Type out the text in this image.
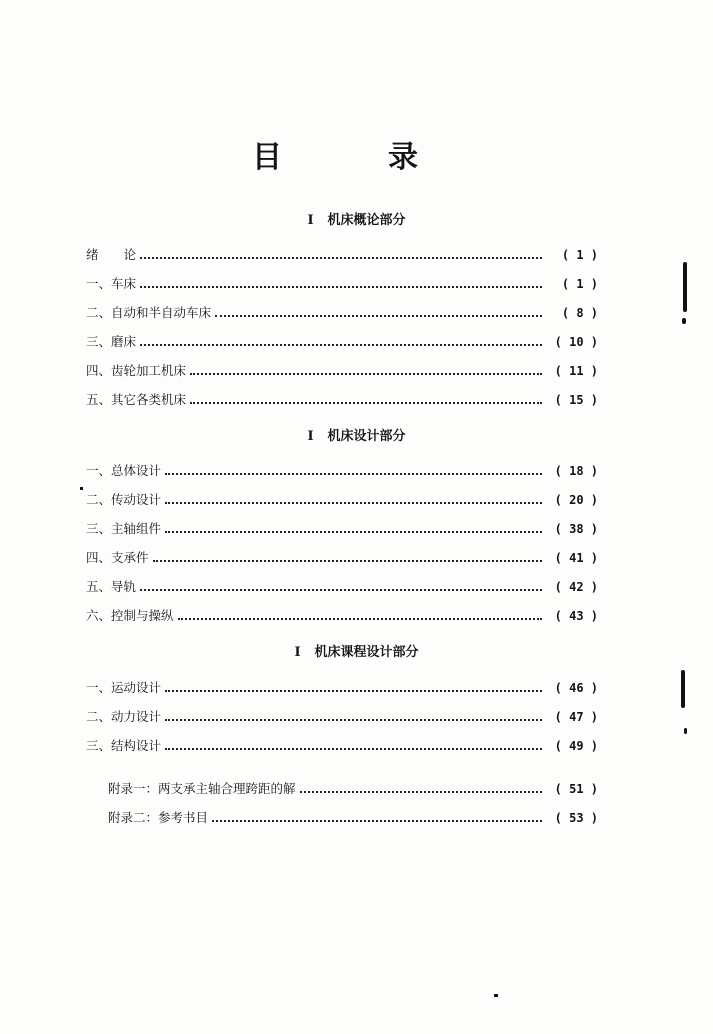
目	录
I 机床概论部分
绪　　论	( 1 )
一、车床	( 1 )
二、自动和半自动车床	( 8 )
三、磨床	( 10 )
四、齿轮加工机床	( 11 )
五、其它各类机床	( 15 )
I 机床设计部分
一、总体设计	( 18 )
二、传动设计	( 20 )
三、主轴组件	( 38 )
四、支承件	( 41 )
五、导轨	( 42 )
六、控制与操纵	( 43 )
I 机床课程设计部分
一、运动设计	( 46 )
二、动力设计	( 47 )
三、结构设计	( 49 )
附录一：两支承主轴合理跨距的解	( 51 )
附录二：参考书目	( 53 )
